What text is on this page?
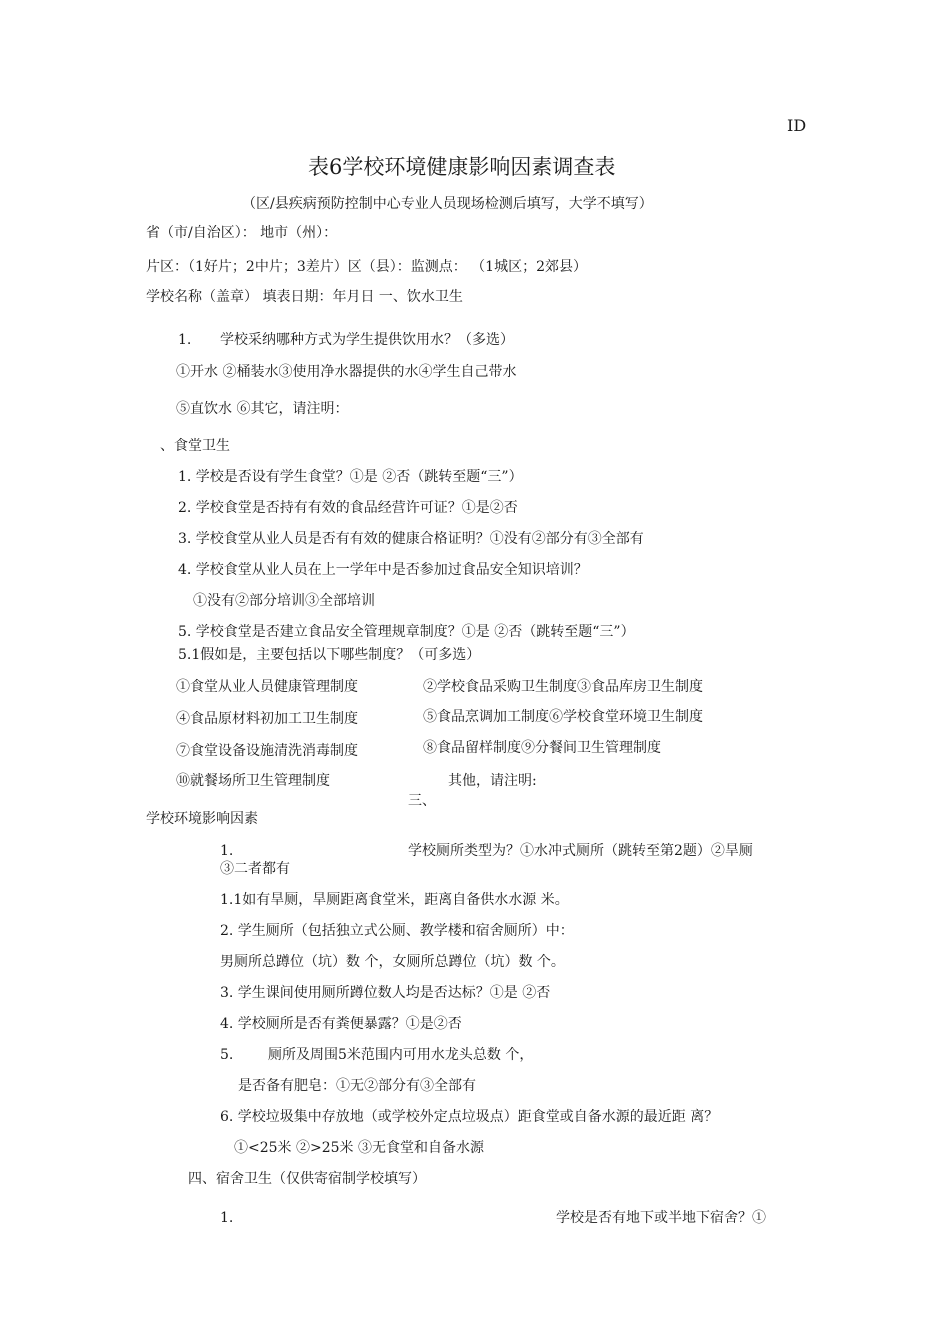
ID
表6学校环境健康影响因素调查表
（区/县疾病预防控制中心专业人员现场检测后填写，大学不填写）
省（市/自治区）： 地市（州）：
片区：（1好片；2中片；3差片）区（县）：监测点： （1城区；2郊县）
学校名称（盖章） 填表日期：年月日 一、饮水卫生
1. 学校采纳哪种方式为学生提供饮用水？（多选）
①开水 ②桶装水③使用净水器提供的水④学生自己带水
⑤直饮水 ⑥其它，请注明：
、食堂卫生
1. 学校是否设有学生食堂？①是 ②否（跳转至题“三”）
2. 学校食堂是否持有有效的食品经营许可证？①是②否
3. 学校食堂从业人员是否有有效的健康合格证明？①没有②部分有③全部有
4. 学校食堂从业人员在上一学年中是否参加过食品安全知识培训？
①没有②部分培训③全部培训
5. 学校食堂是否建立食品安全管理规章制度？①是 ②否（跳转至题“三”）
5.1假如是，主要包括以下哪些制度？（可多选）
①食堂从业人员健康管理制度	②学校食品采购卫生制度③食品库房卫生制度
④食品原材料初加工卫生制度	⑤食品烹调加工制度⑥学校食堂环境卫生制度
⑦食堂设备设施清洗消毒制度	⑧食品留样制度⑨分餐间卫生管理制度
⑩就餐场所卫生管理制度	其他，请注明:
三、
学校环境影响因素
1.	学校厕所类型为？①水冲式厕所（跳转至第2题）②旱厕
③二者都有
1.1如有旱厕，旱厕距离食堂米，距离自备供水水源 米。
2. 学生厕所（包括独立式公厕、教学楼和宿舍厕所）中：
男厕所总蹲位（坑）数 个，女厕所总蹲位（坑）数 个。
3. 学生课间使用厕所蹲位数人均是否达标？①是 ②否
4. 学校厕所是否有粪便暴露？①是②否
5. 厕所及周围5米范围内可用水龙头总数 个，
是否备有肥皂：①无②部分有③全部有
6. 学校垃圾集中存放地（或学校外定点垃圾点）距食堂或自备水源的最近距 离？
①<25米 ②>25米 ③无食堂和自备水源
四、宿舍卫生（仅供寄宿制学校填写）
1.	学校是否有地下或半地下宿舍？①
